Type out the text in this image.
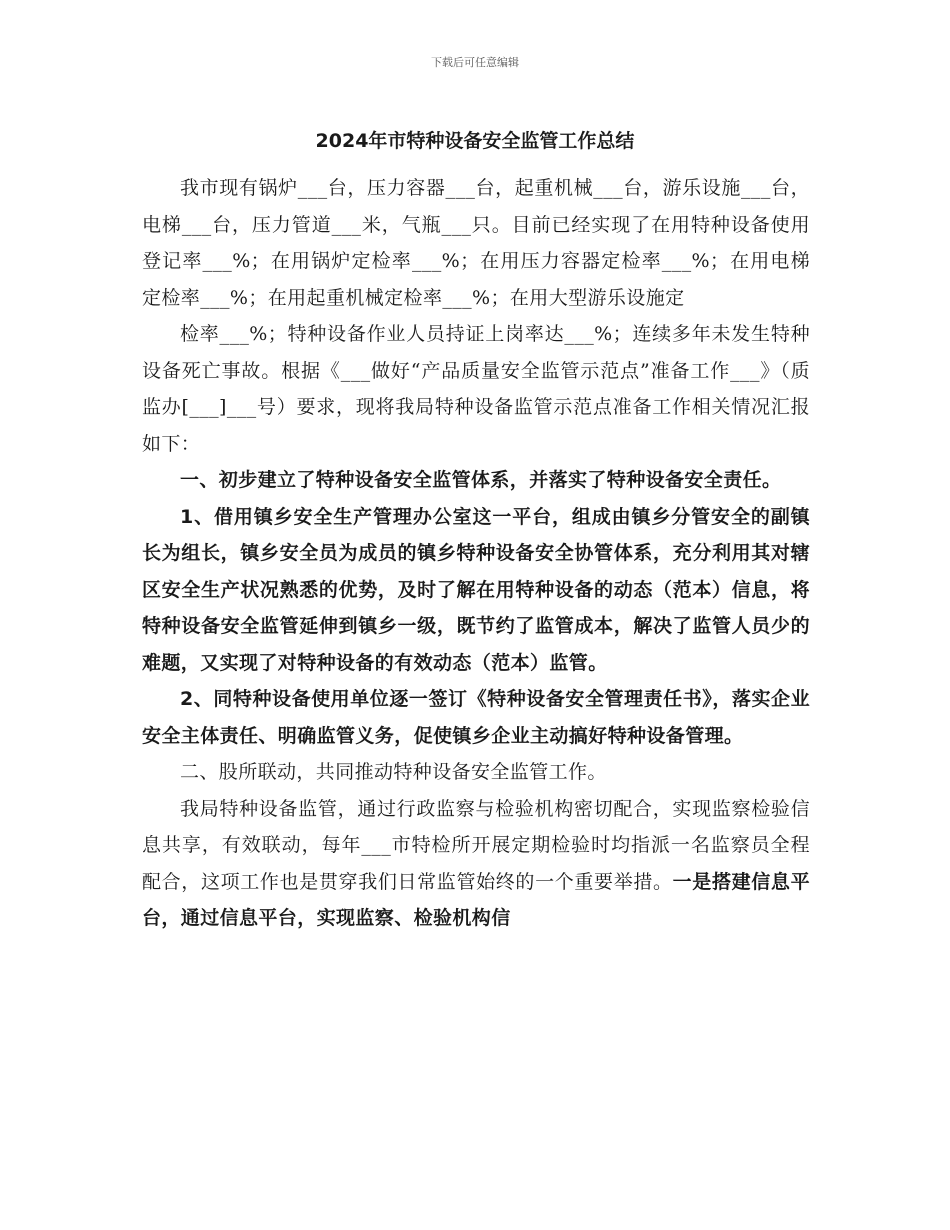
下载后可任意编辑
2024年市特种设备安全监管工作总结

我市现有锅炉___台，压力容器___台，起重机械___台，游乐设施___台，电梯___台，压力管道___米，气瓶___只。目前已经实现了在用特种设备使用登记率___%；在用锅炉定检率___%；在用压力容器定检率___%；在用电梯定检率___%；在用起重机械定检率___%；在用大型游乐设施定

检率___%；特种设备作业人员持证上岗率达___%；连续多年未发生特种设备死亡事故。根据《___做好“产品质量安全监管示范点”准备工作___》（质监办[___]___号）要求，现将我局特种设备监管示范点准备工作相关情况汇报如下：

一、初步建立了特种设备安全监管体系，并落实了特种设备安全责任。

1、借用镇乡安全生产管理办公室这一平台，组成由镇乡分管安全的副镇长为组长，镇乡安全员为成员的镇乡特种设备安全协管体系，充分利用其对辖区安全生产状况熟悉的优势，及时了解在用特种设备的动态（范本）信息，将特种设备安全监管延伸到镇乡一级，既节约了监管成本，解决了监管人员少的难题，又实现了对特种设备的有效动态（范本）监管。

2、同特种设备使用单位逐一签订《特种设备安全管理责任书》，落实企业安全主体责任、明确监管义务，促使镇乡企业主动搞好特种设备管理。

二、股所联动，共同推动特种设备安全监管工作。

我局特种设备监管，通过行政监察与检验机构密切配合，实现监察检验信息共享，有效联动，每年___市特检所开展定期检验时均指派一名监察员全程配合，这项工作也是贯穿我们日常监管始终的一个重要举措。一是搭建信息平台，通过信息平台，实现监察、检验机构信
